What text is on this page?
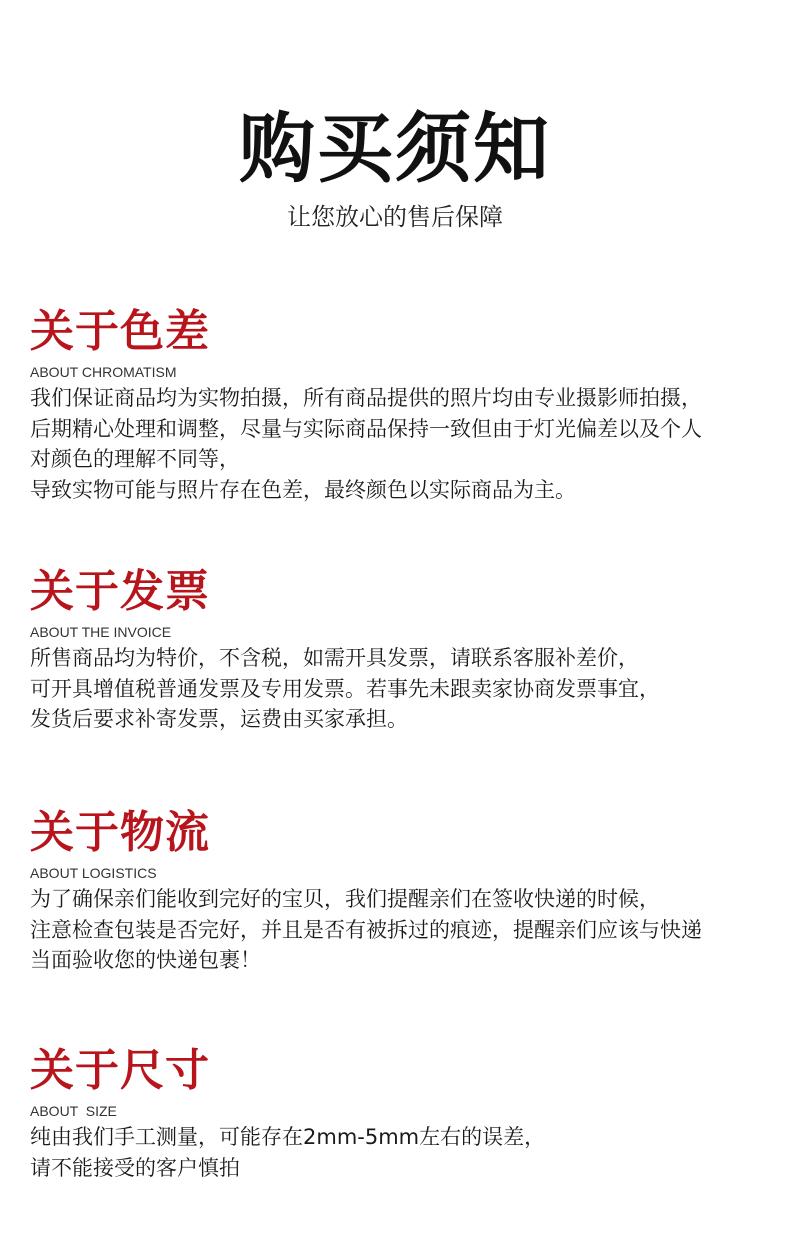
购买须知
让您放心的售后保障
关于色差
ABOUT CHROMATISM
我们保证商品均为实物拍摄，所有商品提供的照片均由专业摄影师拍摄，
后期精心处理和调整，尽量与实际商品保持一致但由于灯光偏差以及个人
对颜色的理解不同等，
导致实物可能与照片存在色差，最终颜色以实际商品为主。
关于发票
ABOUT THE INVOICE
所售商品均为特价，不含税，如需开具发票，请联系客服补差价，
可开具增值税普通发票及专用发票。若事先未跟卖家协商发票事宜，
发货后要求补寄发票，运费由买家承担。
关于物流
ABOUT LOGISTICS
为了确保亲们能收到完好的宝贝，我们提醒亲们在签收快递的时候，
注意检查包装是否完好，并且是否有被拆过的痕迹，提醒亲们应该与快递
当面验收您的快递包裹！
关于尺寸
ABOUT  SIZE
纯由我们手工测量，可能存在2mm-5mm左右的误差，
请不能接受的客户慎拍
